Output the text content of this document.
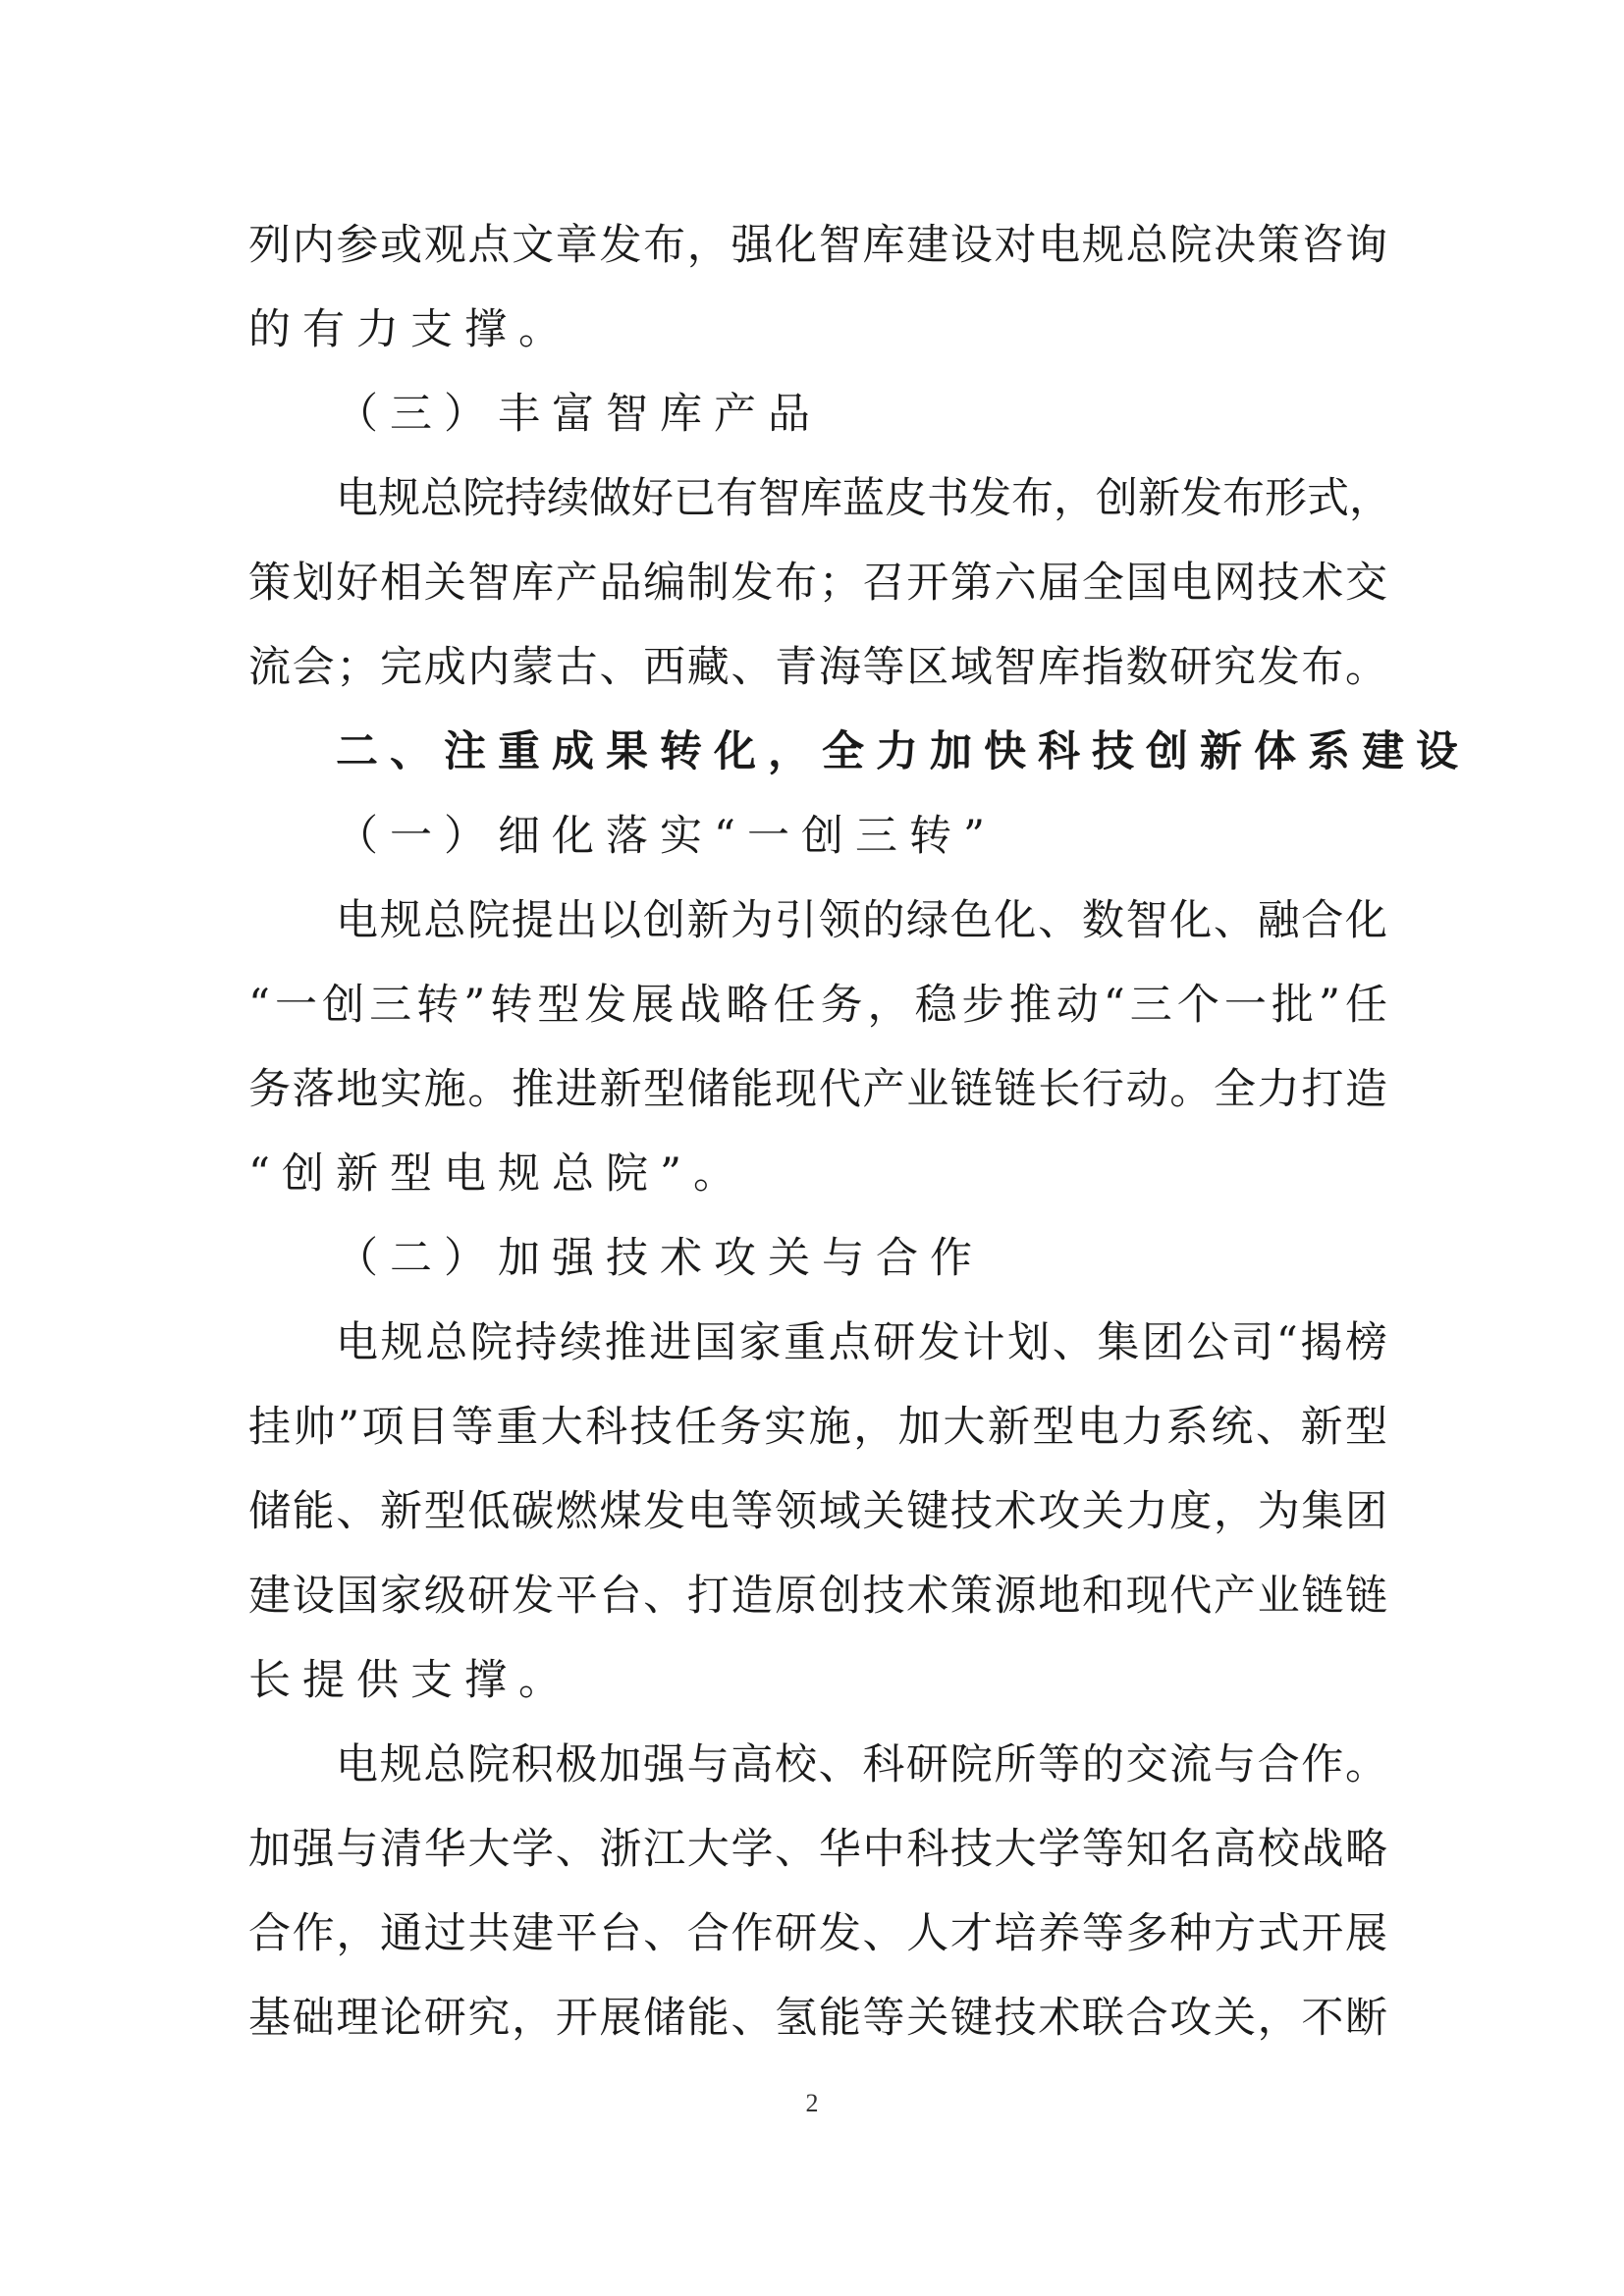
列内参或观点文章发布，强化智库建设对电规总院决策咨询
的有力支撑。
（三）丰富智库产品
电规总院持续做好已有智库蓝皮书发布，创新发布形式，
策划好相关智库产品编制发布；召开第六届全国电网技术交
流会；完成内蒙古、西藏、青海等区域智库指数研究发布。
二、注重成果转化，全力加快科技创新体系建设
（一）细化落实“一创三转”
电规总院提出以创新为引领的绿色化、数智化、融合化
“一创三转”转型发展战略任务，稳步推动“三个一批”任
务落地实施。推进新型储能现代产业链链长行动。全力打造
“创新型电规总院”。
（二）加强技术攻关与合作
电规总院持续推进国家重点研发计划、集团公司“揭榜
挂帅”项目等重大科技任务实施，加大新型电力系统、新型
储能、新型低碳燃煤发电等领域关键技术攻关力度，为集团
建设国家级研发平台、打造原创技术策源地和现代产业链链
长提供支撑。
电规总院积极加强与高校、科研院所等的交流与合作。
加强与清华大学、浙江大学、华中科技大学等知名高校战略
合作，通过共建平台、合作研发、人才培养等多种方式开展
基础理论研究，开展储能、氢能等关键技术联合攻关，不断
2
